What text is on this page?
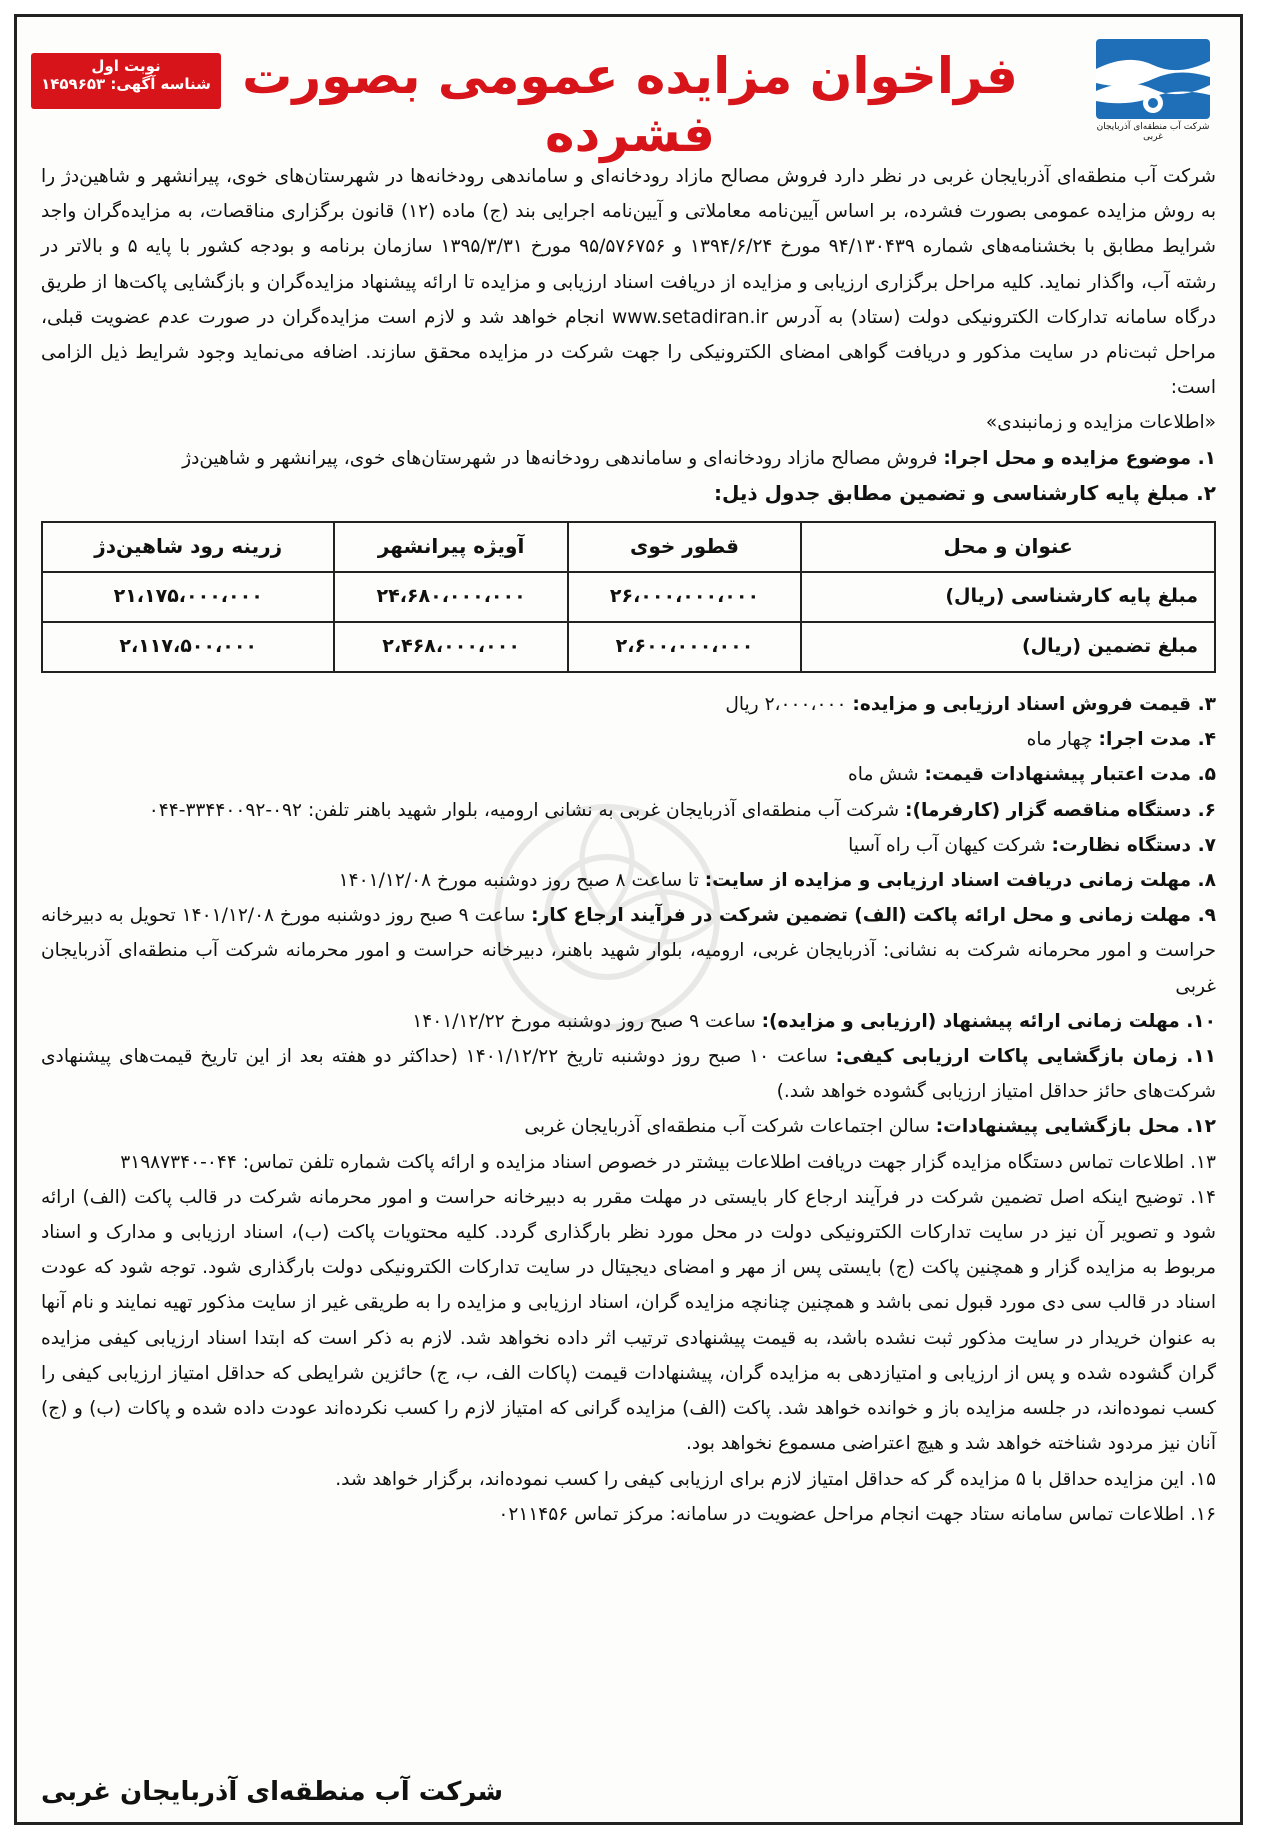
شرکت آب منطقه‌ای آذربایجان غربی
فراخوان مزایده عمومی بصورت فشرده
نوبت اول
شناسه آگهی: ۱۴۵۹۶۵۳

شرکت آب منطقه‌ای آذربایجان غربی در نظر دارد فروش مصالح مازاد رودخانه‌ای و ساماندهی رودخانه‌ها در شهرستان‌های خوی، پیرانشهر و شاهین‌دژ را به روش مزایده عمومی بصورت فشرده، بر اساس آیین‌نامه معاملاتی و آیین‌نامه اجرایی بند (ج) ماده (۱۲) قانون برگزاری مناقصات، به مزایده‌گران واجد شرایط مطابق با بخشنامه‌های شماره ۹۴/۱۳۰۴۳۹ مورخ ۱۳۹۴/۶/۲۴ و ۹۵/۵۷۶۷۵۶ مورخ ۱۳۹۵/۳/۳۱ سازمان برنامه و بودجه کشور با پایه ۵ و بالاتر در رشته آب، واگذار نماید. کلیه مراحل برگزاری ارزیابی و مزایده از دریافت اسناد ارزیابی و مزایده تا ارائه پیشنهاد مزایده‌گران و بازگشایی پاکت‌ها از طریق درگاه سامانه تدارکات الکترونیکی دولت (ستاد) به آدرس www.setadiran.ir انجام خواهد شد و لازم است مزایده‌گران در صورت عدم عضویت قبلی، مراحل ثبت‌نام در سایت مذکور و دریافت گواهی امضای الکترونیکی را جهت شرکت در مزایده محقق سازند. اضافه می‌نماید وجود شرایط ذیل الزامی است:

«اطلاعات مزایده و زمانبندی»

۱. موضوع مزایده و محل اجرا: فروش مصالح مازاد رودخانه‌ای و ساماندهی رودخانه‌ها در شهرستان‌های خوی، پیرانشهر و شاهین‌دژ

۲. مبلغ پایه کارشناسی و تضمین مطابق جدول ذیل:

عنوان و محل	قطور خوی	آویژه پیرانشهر	زرینه رود شاهین‌دژ
مبلغ پایه کارشناسی (ریال)	۲۶،۰۰۰،۰۰۰،۰۰۰	۲۴،۶۸۰،۰۰۰،۰۰۰	۲۱،۱۷۵،۰۰۰،۰۰۰
مبلغ تضمین (ریال)	۲،۶۰۰،۰۰۰،۰۰۰	۲،۴۶۸،۰۰۰،۰۰۰	۲،۱۱۷،۵۰۰،۰۰۰

۳. قیمت فروش اسناد ارزیابی و مزایده: ۲،۰۰۰،۰۰۰ ریال

۴. مدت اجرا: چهار ماه

۵. مدت اعتبار پیشنهادات قیمت: شش ماه

۶. دستگاه مناقصه گزار (کارفرما): شرکت آب منطقه‌ای آذربایجان غربی به نشانی ارومیه، بلوار شهید باهنر تلفن: ۰۹۲-۳۳۴۴۰۰۹۲-۰۴۴

۷. دستگاه نظارت: شرکت کیهان آب راه آسیا

۸. مهلت زمانی دریافت اسناد ارزیابی و مزایده از سایت: تا ساعت ۸ صبح روز دوشنبه مورخ ۱۴۰۱/۱۲/۰۸

۹. مهلت زمانی و محل ارائه پاکت (الف) تضمین شرکت در فرآیند ارجاع کار: ساعت ۹ صبح روز دوشنبه مورخ ۱۴۰۱/۱۲/۰۸ تحویل به دبیرخانه حراست و امور محرمانه شرکت به نشانی: آذربایجان غربی، ارومیه، بلوار شهید باهنر، دبیرخانه حراست و امور محرمانه شرکت آب منطقه‌ای آذربایجان غربی

۱۰. مهلت زمانی ارائه پیشنهاد (ارزیابی و مزایده): ساعت ۹ صبح روز دوشنبه مورخ ۱۴۰۱/۱۲/۲۲

۱۱. زمان بازگشایی پاکات ارزیابی کیفی: ساعت ۱۰ صبح روز دوشنبه تاریخ ۱۴۰۱/۱۲/۲۲ (حداکثر دو هفته بعد از این تاریخ قیمت‌های پیشنهادی شرکت‌های حائز حداقل امتیاز ارزیابی گشوده خواهد شد.)

۱۲. محل بازگشایی پیشنهادات: سالن اجتماعات شرکت آب منطقه‌ای آذربایجان غربی

۱۳. اطلاعات تماس دستگاه مزایده گزار جهت دریافت اطلاعات بیشتر در خصوص اسناد مزایده و ارائه پاکت شماره تلفن تماس: ۰۴۴-۳۱۹۸۷۳۴۰

۱۴. توضیح اینکه اصل تضمین شرکت در فرآیند ارجاع کار بایستی در مهلت مقرر به دبیرخانه حراست و امور محرمانه شرکت در قالب پاکت (الف) ارائه شود و تصویر آن نیز در سایت تدارکات الکترونیکی دولت در محل مورد نظر بارگذاری گردد. کلیه محتویات پاکت (ب)، اسناد ارزیابی و مدارک و اسناد مربوط به مزایده گزار و همچنین پاکت (ج) بایستی پس از مهر و امضای دیجیتال در سایت تدارکات الکترونیکی دولت بارگذاری شود. توجه شود که عودت اسناد در قالب سی دی مورد قبول نمی باشد و همچنین چنانچه مزایده گران، اسناد ارزیابی و مزایده را به طریقی غیر از سایت مذکور تهیه نمایند و نام آنها به عنوان خریدار در سایت مذکور ثبت نشده باشد، به قیمت پیشنهادی ترتیب اثر داده نخواهد شد. لازم به ذکر است که ابتدا اسناد ارزیابی کیفی مزایده گران گشوده شده و پس از ارزیابی و امتیازدهی به مزایده گران، پیشنهادات قیمت (پاکات الف، ب، ج) حائزین شرایطی که حداقل امتیاز ارزیابی کیفی را کسب نموده‌اند، در جلسه مزایده باز و خوانده خواهد شد. پاکت (الف) مزایده گرانی که امتیاز لازم را کسب نکرده‌اند عودت داده شده و پاکات (ب) و (ج) آنان نیز مردود شناخته خواهد شد و هیچ اعتراضی مسموع نخواهد بود.

۱۵. این مزایده حداقل با ۵ مزایده گر که حداقل امتیاز لازم برای ارزیابی کیفی را کسب نموده‌اند، برگزار خواهد شد.

۱۶. اطلاعات تماس سامانه ستاد جهت انجام مراحل عضویت در سامانه: مرکز تماس ۰۲۱۱۴۵۶

شرکت آب منطقه‌ای آذربایجان غربی
